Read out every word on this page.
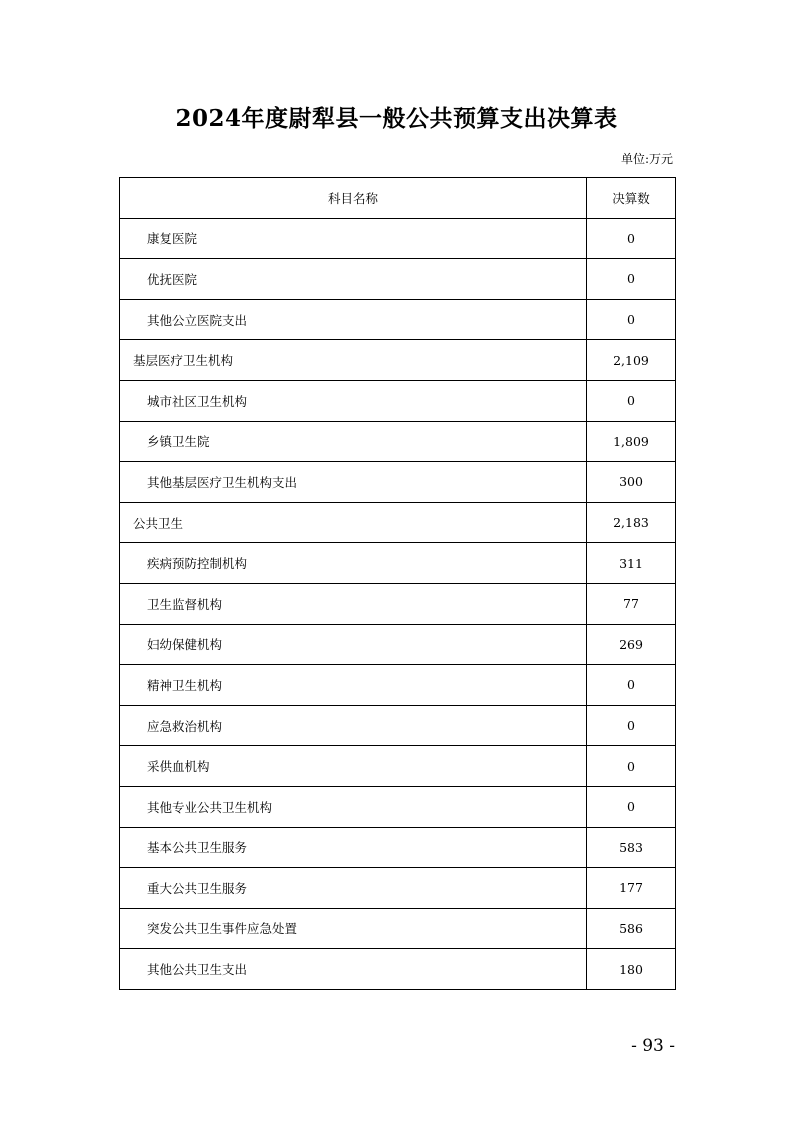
2024年度尉犁县一般公共预算支出决算表
单位:万元
科目名称	决算数
康复医院	0
优抚医院	0
其他公立医院支出	0
基层医疗卫生机构	2,109
城市社区卫生机构	0
乡镇卫生院	1,809
其他基层医疗卫生机构支出	300
公共卫生	2,183
疾病预防控制机构	311
卫生监督机构	77
妇幼保健机构	269
精神卫生机构	0
应急救治机构	0
采供血机构	0
其他专业公共卫生机构	0
基本公共卫生服务	583
重大公共卫生服务	177
突发公共卫生事件应急处置	586
其他公共卫生支出	180
- 93 -
